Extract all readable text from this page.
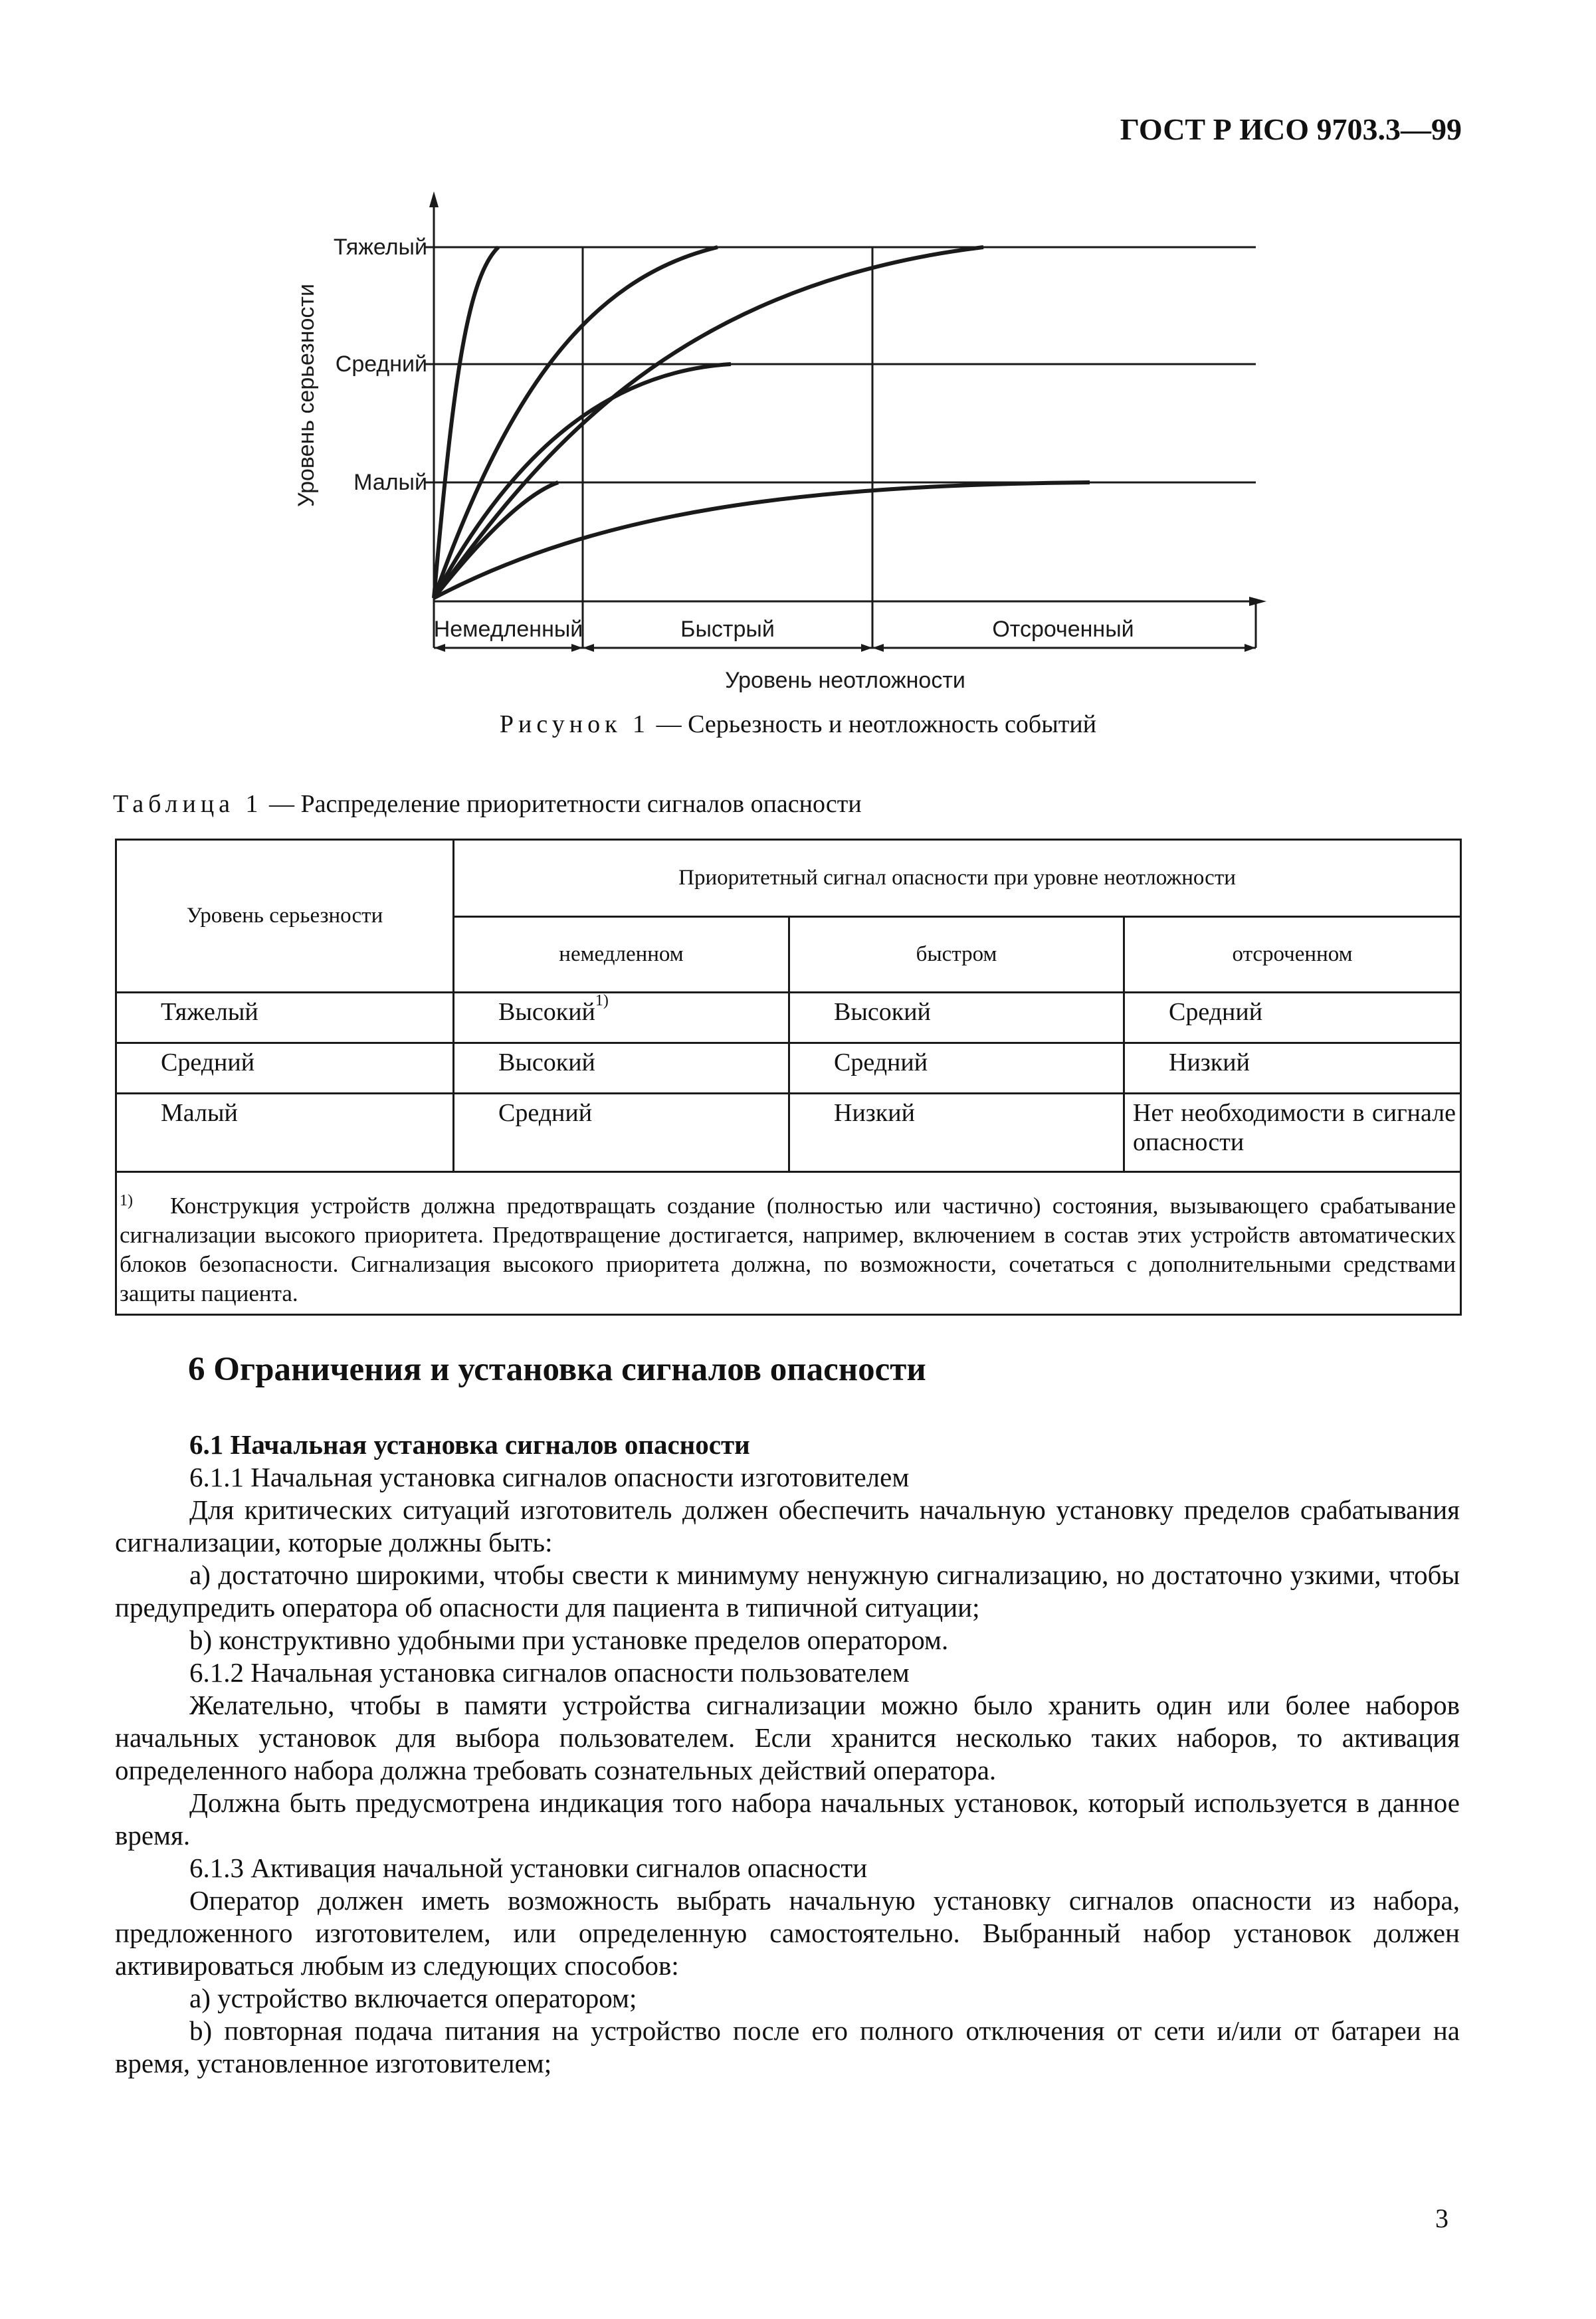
ГОСТ Р ИСО 9703.3—99
Уровень серьезности
Тяжелый
Средний
Малый
Немедленный	Быстрый	Отсроченный
Уровень неотложности
Рисунок 1 — Серьезность и неотложность событий
Таблица 1 — Распределение приоритетности сигналов опасности
Уровень серьезности	Приоритетный сигнал опасности при уровне неотложности		
	немедленном	быстром	отсроченном
Тяжелый	Высокий$^{1)}$	Высокий	Средний
Средний	Высокий	Средний	Низкий
Малый	Средний	Низкий	Нет необходимости в сигнале опасности
$^{1)}$ Конструкция устройств должна предотвращать создание (полностью или частично) состояния, вызывающего срабатывание сигнализации высокого приоритета. Предотвращение достигается, например, включением в состав этих устройств автоматических блоков безопасности. Сигнализация высокого приоритета должна, по возможности, сочетаться с дополнительными средствами защиты пациента.			
6 Ограничения и установка сигналов опасности

6.1 Начальная установка сигналов опасности

6.1.1 Начальная установка сигналов опасности изготовителем

Для критических ситуаций изготовитель должен обеспечить начальную установку пределов срабатывания сигнализации, которые должны быть:

а) достаточно широкими, чтобы свести к минимуму ненужную сигнализацию, но достаточно узкими, чтобы предупредить оператора об опасности для пациента в типичной ситуации;

b) конструктивно удобными при установке пределов оператором.

6.1.2 Начальная установка сигналов опасности пользователем

Желательно, чтобы в памяти устройства сигнализации можно было хранить один или более наборов начальных установок для выбора пользователем. Если хранится несколько таких наборов, то активация определенного набора должна требовать сознательных действий оператора.

Должна быть предусмотрена индикация того набора начальных установок, который используется в данное время.

6.1.3 Активация начальной установки сигналов опасности

Оператор должен иметь возможность выбрать начальную установку сигналов опасности из набора, предложенного изготовителем, или определенную самостоятельно. Выбранный набор установок должен активироваться любым из следующих способов:

а) устройство включается оператором;

b) повторная подача питания на устройство после его полного отключения от сети и/или от батареи на время, установленное изготовителем;

3
